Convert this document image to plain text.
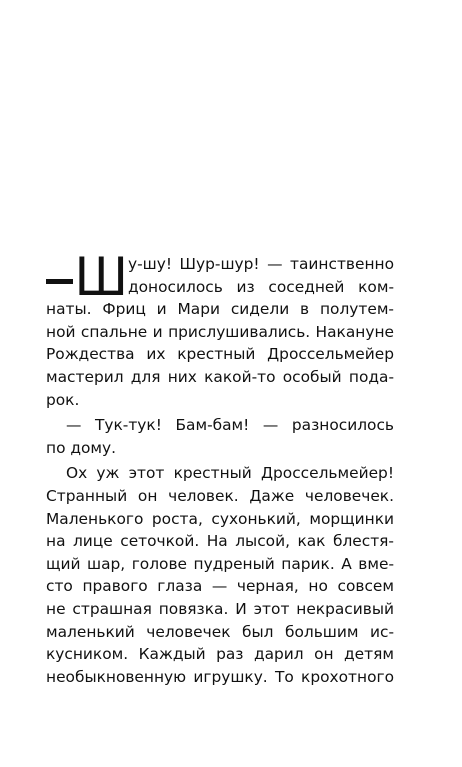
Ш у-шу! Шур-шур! — таинственно
доносилось из соседней ком-
наты. Фриц и Мари сидели в полутем-
ной спальне и прислушивались. Накануне
Рождества их крестный Дроссельмейер
мастерил для них какой-то особый пода-
рок.
— Тук-тук! Бам-бам! — разносилось
по дому.
Ох уж этот крестный Дроссельмейер!
Странный он человек. Даже человечек.
Маленького роста, сухонький, морщинки
на лице сеточкой. На лысой, как блестя-
щий шар, голове пудреный парик. А вме-
сто правого глаза — черная, но совсем
не страшная повязка. И этот некрасивый
маленький человечек был большим ис-
кусником. Каждый раз дарил он детям
необыкновенную игрушку. То крохотного
